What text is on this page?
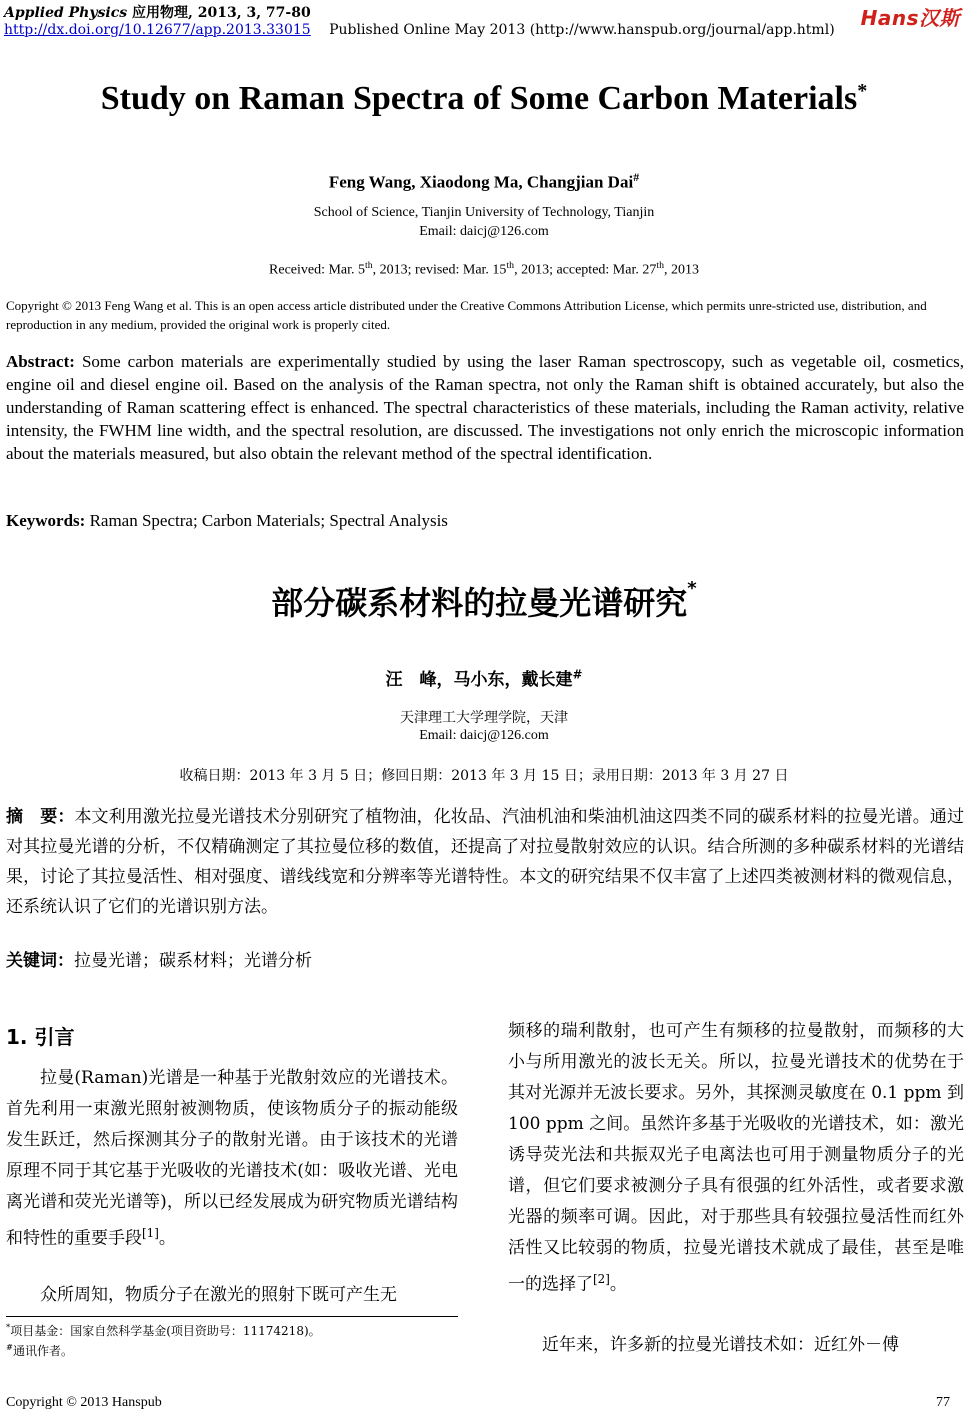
Applied Physics 应用物理, 2013, 3, 77-80
http://dx.doi.org/10.12677/app.2013.33015 Published Online May 2013 (http://www.hanspub.org/journal/app.html) Hans汉斯
Study on Raman Spectra of Some Carbon Materials*
Feng Wang, Xiaodong Ma, Changjian Dai#
School of Science, Tianjin University of Technology, Tianjin
Email: daicj@126.com
Received: Mar. 5th, 2013; revised: Mar. 15th, 2013; accepted: Mar. 27th, 2013
Copyright © 2013 Feng Wang et al. This is an open access article distributed under the Creative Commons Attribution License, which permits unre-stricted use, distribution, and reproduction in any medium, provided the original work is properly cited.
Abstract: Some carbon materials are experimentally studied by using the laser Raman spectroscopy, such as vegetable oil, cosmetics, engine oil and diesel engine oil. Based on the analysis of the Raman spectra, not only the Raman shift is obtained accurately, but also the understanding of Raman scattering effect is enhanced. The spectral characteristics of these materials, including the Raman activity, relative intensity, the FWHM line width, and the spectral resolution, are discussed. The investigations not only enrich the microscopic information about the materials measured, but also obtain the relevant method of the spectral identification.
Keywords: Raman Spectra; Carbon Materials; Spectral Analysis
部分碳系材料的拉曼光谱研究*
汪　峰，马小东，戴长建#
天津理工大学理学院，天津
Email: daicj@126.com
收稿日期：2013 年 3 月 5 日；修回日期：2013 年 3 月 15 日；录用日期：2013 年 3 月 27 日
摘　要：本文利用激光拉曼光谱技术分别研究了植物油，化妆品、汽油机油和柴油机油这四类不同的碳系材料的拉曼光谱。通过对其拉曼光谱的分析，不仅精确测定了其拉曼位移的数值，还提高了对拉曼散射效应的认识。结合所测的多种碳系材料的光谱结果，讨论了其拉曼活性、相对强度、谱线线宽和分辨率等光谱特性。本文的研究结果不仅丰富了上述四类被测材料的微观信息，还系统认识了它们的光谱识别方法。
关键词：拉曼光谱；碳系材料；光谱分析
1. 引言
拉曼(Raman)光谱是一种基于光散射效应的光谱技术。首先利用一束激光照射被测物质，使该物质分子的振动能级发生跃迁，然后探测其分子的散射光谱。由于该技术的光谱原理不同于其它基于光吸收的光谱技术(如：吸收光谱、光电离光谱和荧光光谱等)，所以已经发展成为研究物质光谱结构和特性的重要手段[1]。
众所周知，物质分子在激光的照射下既可产生无
频移的瑞利散射，也可产生有频移的拉曼散射，而频移的大小与所用激光的波长无关。所以，拉曼光谱技术的优势在于其对光源并无波长要求。另外，其探测灵敏度在 0.1 ppm 到 100 ppm 之间。虽然许多基于光吸收的光谱技术，如：激光诱导荧光法和共振双光子电离法也可用于测量物质分子的光谱，但它们要求被测分子具有很强的红外活性，或者要求激光器的频率可调。因此，对于那些具有较强拉曼活性而红外活性又比较弱的物质，拉曼光谱技术就成了最佳，甚至是唯一的选择了[2]。
近年来，许多新的拉曼光谱技术如：近红外－傅
*项目基金：国家自然科学基金(项目资助号：11174218)。
#通讯作者。
Copyright © 2013 Hanspub	77
